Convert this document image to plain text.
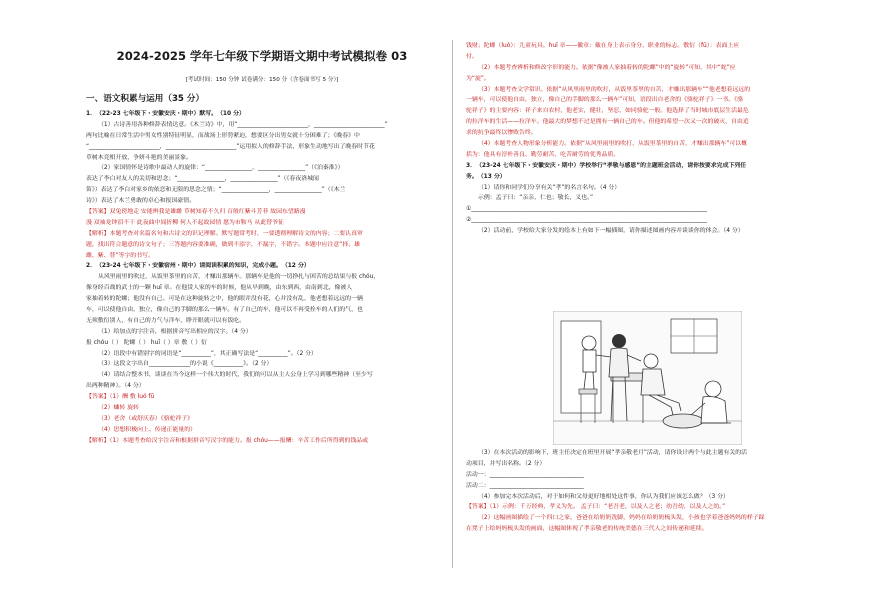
2024-2025 学年七年级下学期语文期中考试模拟卷 03
[考试时间：150 分钟 试卷满分：150 分（含卷面书写 5 分）]
一、语文积累与运用（35 分）
1．（22-23 七年级下・安徽安庆・期中）默写。（10 分）
（1）古诗善用各种修辞表情达意。《木兰诗》中，用“________________________，________________________”
两句比喻在日常生活中男女性别特征明显，而战场上形势紧迫，想要区分出男女就十分困难了；《晚春》中
“________________________，________________________”运用拟人的修辞手法，形象生动地写出了晚春时节花
草树木竞相开放，争妍斗艳的美丽景象。
（2）家国情怀是诗歌中最动人的旋律：“________________，________________”（《泊秦淮》）
表达了李白对友人的关切和思念；“________________，________________”（《春夜洛城闻
笛》）表达了李白对家乡的依恋和无限的思念之情；“________________，________________”（《木兰
诗》）表达了木兰勇敢的卓心和报国豪情。
【答案】双兔傍地走 安能辨我是雄雌 草树知春不久归 百般红紫斗芳菲 故园东望路漫
漫 双袖龙钟泪不干 此夜曲中闻折柳 何人不起故园情 愿为市鞍马 从此替爷征
【解析】本题考查对名篇名句和古诗文的识记理解。默写题常考时，一要透彻理解诗文的内容；二要认真审
题，找出符合题意的诗文句子；三答题内容要准确，做到不添字，不漏字，不错字。本题中应注意“择、雄
雌、紫、替”等字的书写。
2．（23-24 七年级下・安徽宿州・期中）请阅读积累的知识，完成小题。（12 分）
从风里雨里的吹过，从饭里茶里的自苦，才赚出那辆车。那辆车是他的一切挣扎与困苦的总结果与报 chóu，
像身经百战的武士的一颗 huī 章。在他赁人家的车的时候，他从早到晚，由东到西，由南到北，像被人
家抽着转的陀螺；他没有自己。可是在这种旋转之中，他的眼并没有花，心并没有乱，他老想着远远的一辆
车，可以使他自由，独立，像自己的手脚的那么一辆车。有了自己的车，他可以不再受拴车的人们的气，也
无须敷衍别人，有自己的力气与洋车，睁开眼就可以有饭吃。
（1）给加点的字注音，根据拼音写出相应的汉字。（4 分）
报 chóu（ ） 陀螺（ ） huī（ ）章 敷（ ）衍
（2）语段中有错别字的词语是“__________”，其正确写法是“__________”。（2 分）
（3）这段文字出自______________的小说《__________》。（2 分）
（4）请结合整本书，谈谈在当今这样一个伟大的时代，我们的可以从主人公身上学习到哪些精神（至少写
出两种精神）。（4 分）
【答案】（1）酬 敷 luó fū
（2）蛐转 旋转
（3）老舍（或舒庆春）《骆驼祥子》
（4）思想积极向上、传递正能量的）
【解析】（1）本题考查给汉字注音和根据拼音写汉字的能力。报 chóu——报酬：辛苦工作后所得到的钱品或
钱财；陀螺（luó）：儿童玩具。huī 章——徽章：戴在身上表示身分、职业的标志。敷衍（fū）：表面上应
付。
（2）本题考查辨析和修改字形的能力。依据“像被人家抽着转的陀螺”中的“旋转”可知，其中“蛇”应
为“旋”。
（3）本题考查文学常识。依据“从风里雨里的吹打，从饭里茶里的自苦，才赚出那辆车”“他老想着远远的
一辆车，可以使他自由，独立，像自己的手脚的那么一辆车”可知，语段出自老舍的《骆驼祥子》一书。《骆
驼祥子》的主要内容：祥子来自农村，他老实，健壮，坚忍，如同骆驼一般。他选择了当时城市底层生活最危
的拉洋车的生活——拉洋车。他最大的梦想不过是拥有一辆自己的车。但他的希望一次又一次的破灭，自由追
求的抗争最终以惨败告终。
（4）本题考查人物形象分析能力。依据“从风里雨里的吹打，从饭里茶里的自苦，才赚出那辆车”可以概
括为：他具有淳朴善良、勤劳耐苦、吃苦耐劳的优秀品质。
3．（23-24 七年级下・安徽安庆・期中）学校举行“孝敬与感恩”的主题班会活动，请你按要求完成下列任
务。（13 分）
（1）请你和同学们分享有关“孝”的名言名句。（4 分）
示例：孟子曰：“亲亲，仁也；敬长，义也。”
①________________________________________________________________________________
②________________________________________________________________________________
（2）活动前，学校给大家分发的绘本上有如下一幅插图，请你描述图画内容并谈谈你的体会。（4 分）
（3）在本次活动的影响下，班主任决定在班里开展“孝亲敬老月”活动，请你设计两个与此主题有关的活
动项目，并写出名称。（2 分）
活动一：________________________________
活动二：________________________________
（4）参加完本次活动后，对于如何和父母更好地相处这件事，你认为我们应该怎么做？（3 分）
【答案】（1）示例：千万经典，孝义为先。 孟子曰：“老吾老，以及人之老；幼吾幼，以及人之幼。”
（2）这幅画图描绘了一个四口之家，爸爸在给奶奶洗脚，妈妈在给奶奶梳头发，小孩也学着爸爸妈妈的样子踩
在凳子上给妈妈梳头发的画面，这幅图体现了孝亲敬老的传统美德在三代人之间传递和延续。
